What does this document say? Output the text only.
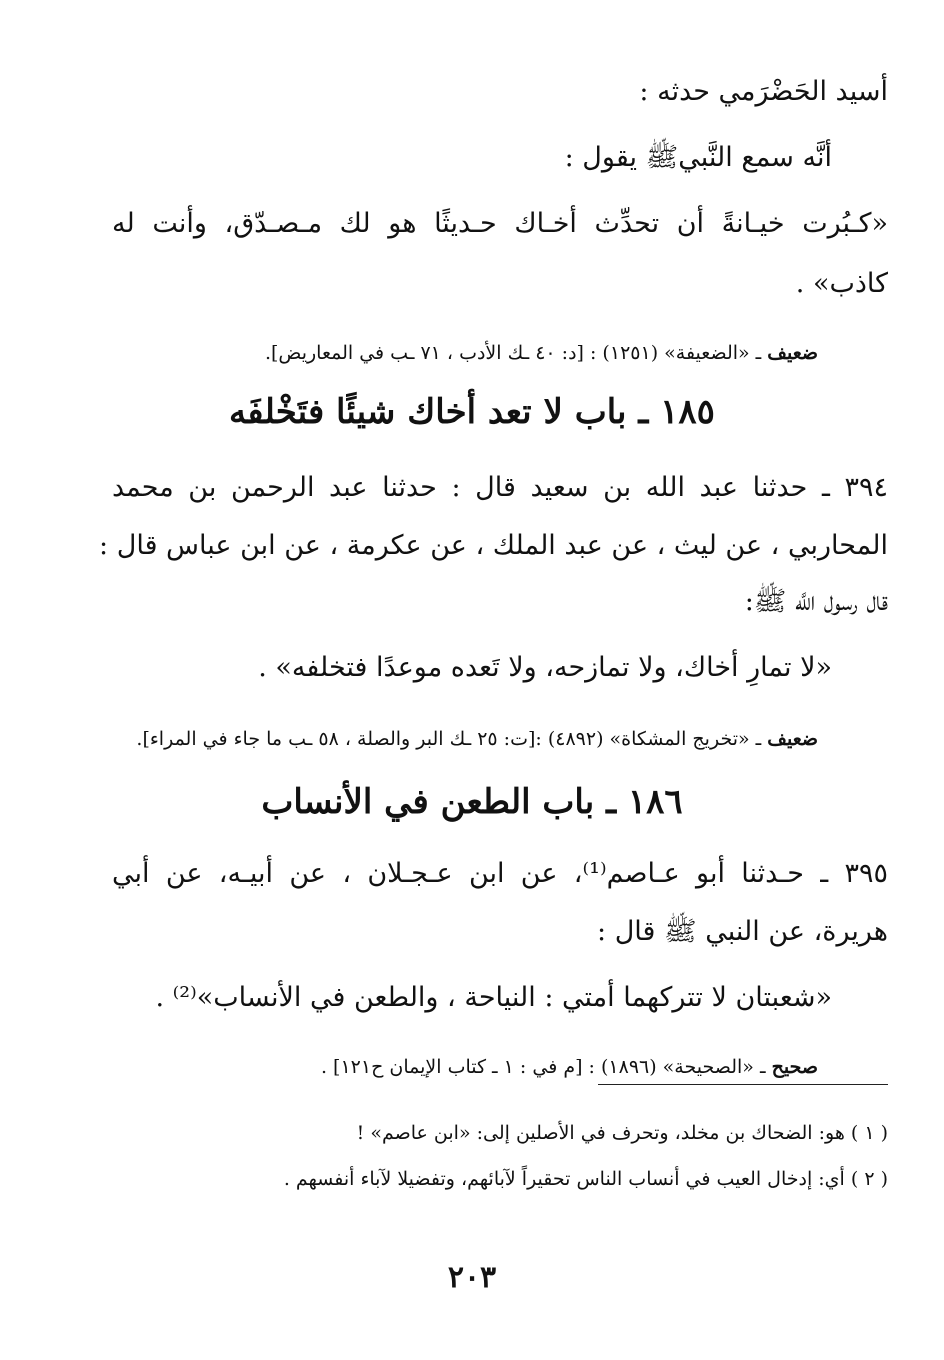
أسيد الحَضْرَمي حدثه :
أنَّه سمع النَّبيﷺ يقول :
«كـبُرت خيـانةً أن تحدِّث أخـاك حـديثًا هو لك مـصـدّق، وأنت له
كاذب» .
ضعيف ـ «الضعيفة» (١٢٥١) : [د: ٤٠ ـك الأدب ، ٧١ ـب في المعاريض].
١٨٥ ـ باب لا تعد أخاك شيئًا فتَخْلفَه
٣٩٤ ـ حدثنا عبد الله بن سعيد قال : حدثنا عبد الرحمن بن محمد
المحاربي ، عن ليث ، عن عبد الملك ، عن عكرمة ، عن ابن عباس قال :
قال رسول اللَّه ﷺ:
«لا تمارِ أخاك، ولا تمازحه، ولا تَعده موعدًا فتخلفه» .
ضعيف ـ «تخريج المشكاة» (٤٨٩٢) :[ت: ٢٥ ـك البر والصلة ، ٥٨ ـب ما جاء في المراء].
١٨٦ ـ باب الطعن في الأنساب
٣٩٥ ـ حـدثنا أبو عـاصم⁽¹⁾، عن ابن عـجـلان ، عن أبيـه، عن أبي
هريرة، عن النبي ﷺ قال :
«شعبتان لا تتركهما أمتي : النياحة ، والطعن في الأنساب»⁽²⁾ .
صحيح ـ «الصحيحة» (١٨٩٦) : [م في : ١ ـ كتاب الإيمان ح١٢١] .
( ١ ) هو: الضحاك بن مخلد، وتحرف في الأصلين إلى: «ابن عاصم» !
( ٢ ) أي: إدخال العيب في أنساب الناس تحقيراً لآبائهم، وتفضيلا لآباء أنفسهم .
٢٠٣
